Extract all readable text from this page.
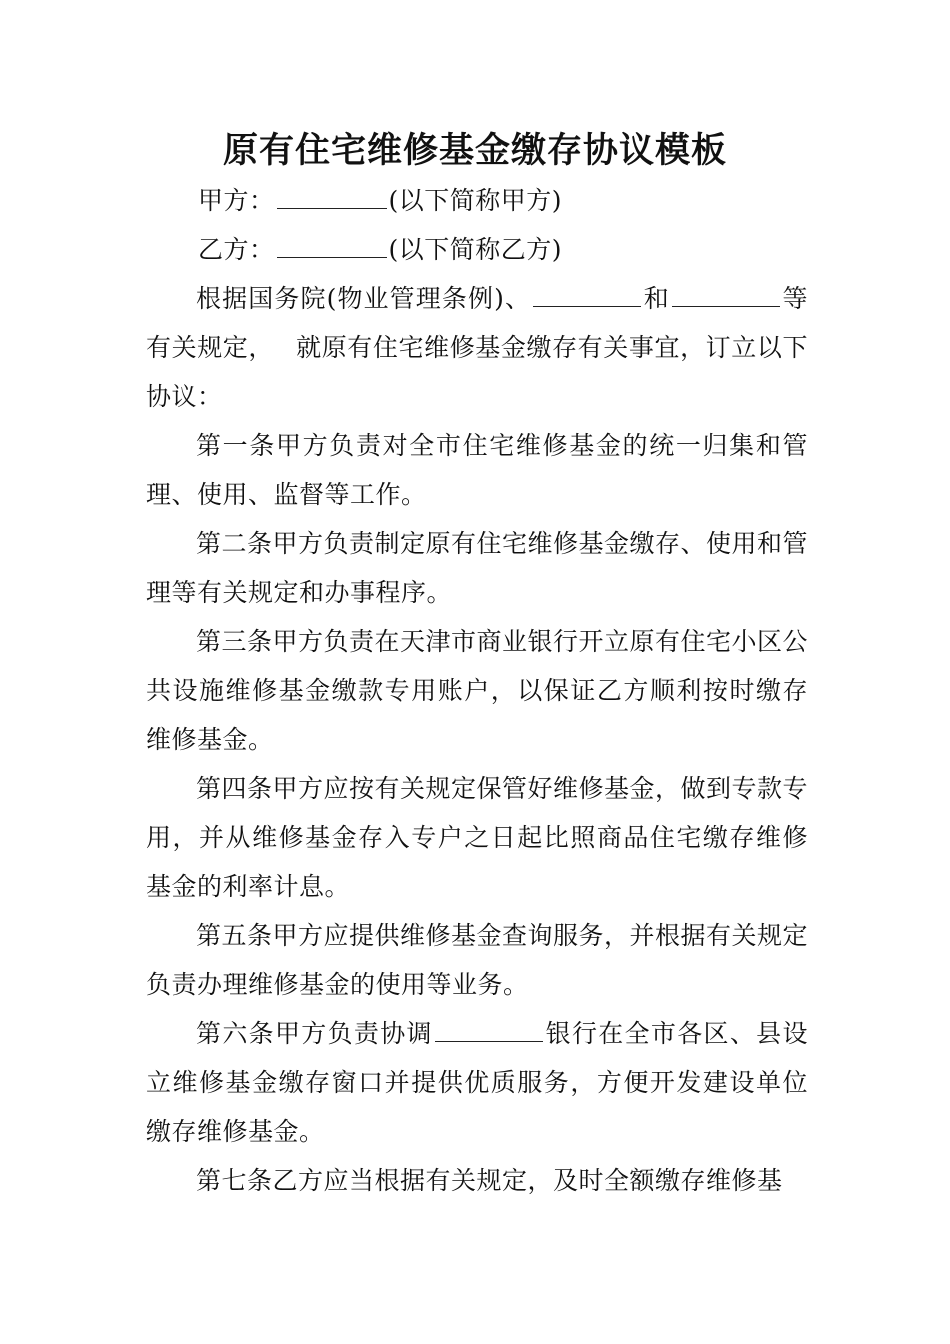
原有住宅维修基金缴存协议模板

甲方：	(以下简称甲方)

乙方：	(以下简称乙方)

根据国务院(物业管理条例)、	和	等有关规定， 就原有住宅维修基金缴存有关事宜，订立以下协议：

第一条甲方负责对全市住宅维修基金的统一归集和管理、使用、监督等工作。

第二条甲方负责制定原有住宅维修基金缴存、使用和管理等有关规定和办事程序。

第三条甲方负责在天津市商业银行开立原有住宅小区公共设施维修基金缴款专用账户，以保证乙方顺利按时缴存维修基金。

第四条甲方应按有关规定保管好维修基金，做到专款专用，并从维修基金存入专户之日起比照商品住宅缴存维修基金的利率计息。

第五条甲方应提供维修基金查询服务，并根据有关规定负责办理维修基金的使用等业务。

第六条甲方负责协调	银行在全市各区、县设立维修基金缴存窗口并提供优质服务，方便开发建设单位缴存维修基金。

第七条乙方应当根据有关规定，及时全额缴存维修基
